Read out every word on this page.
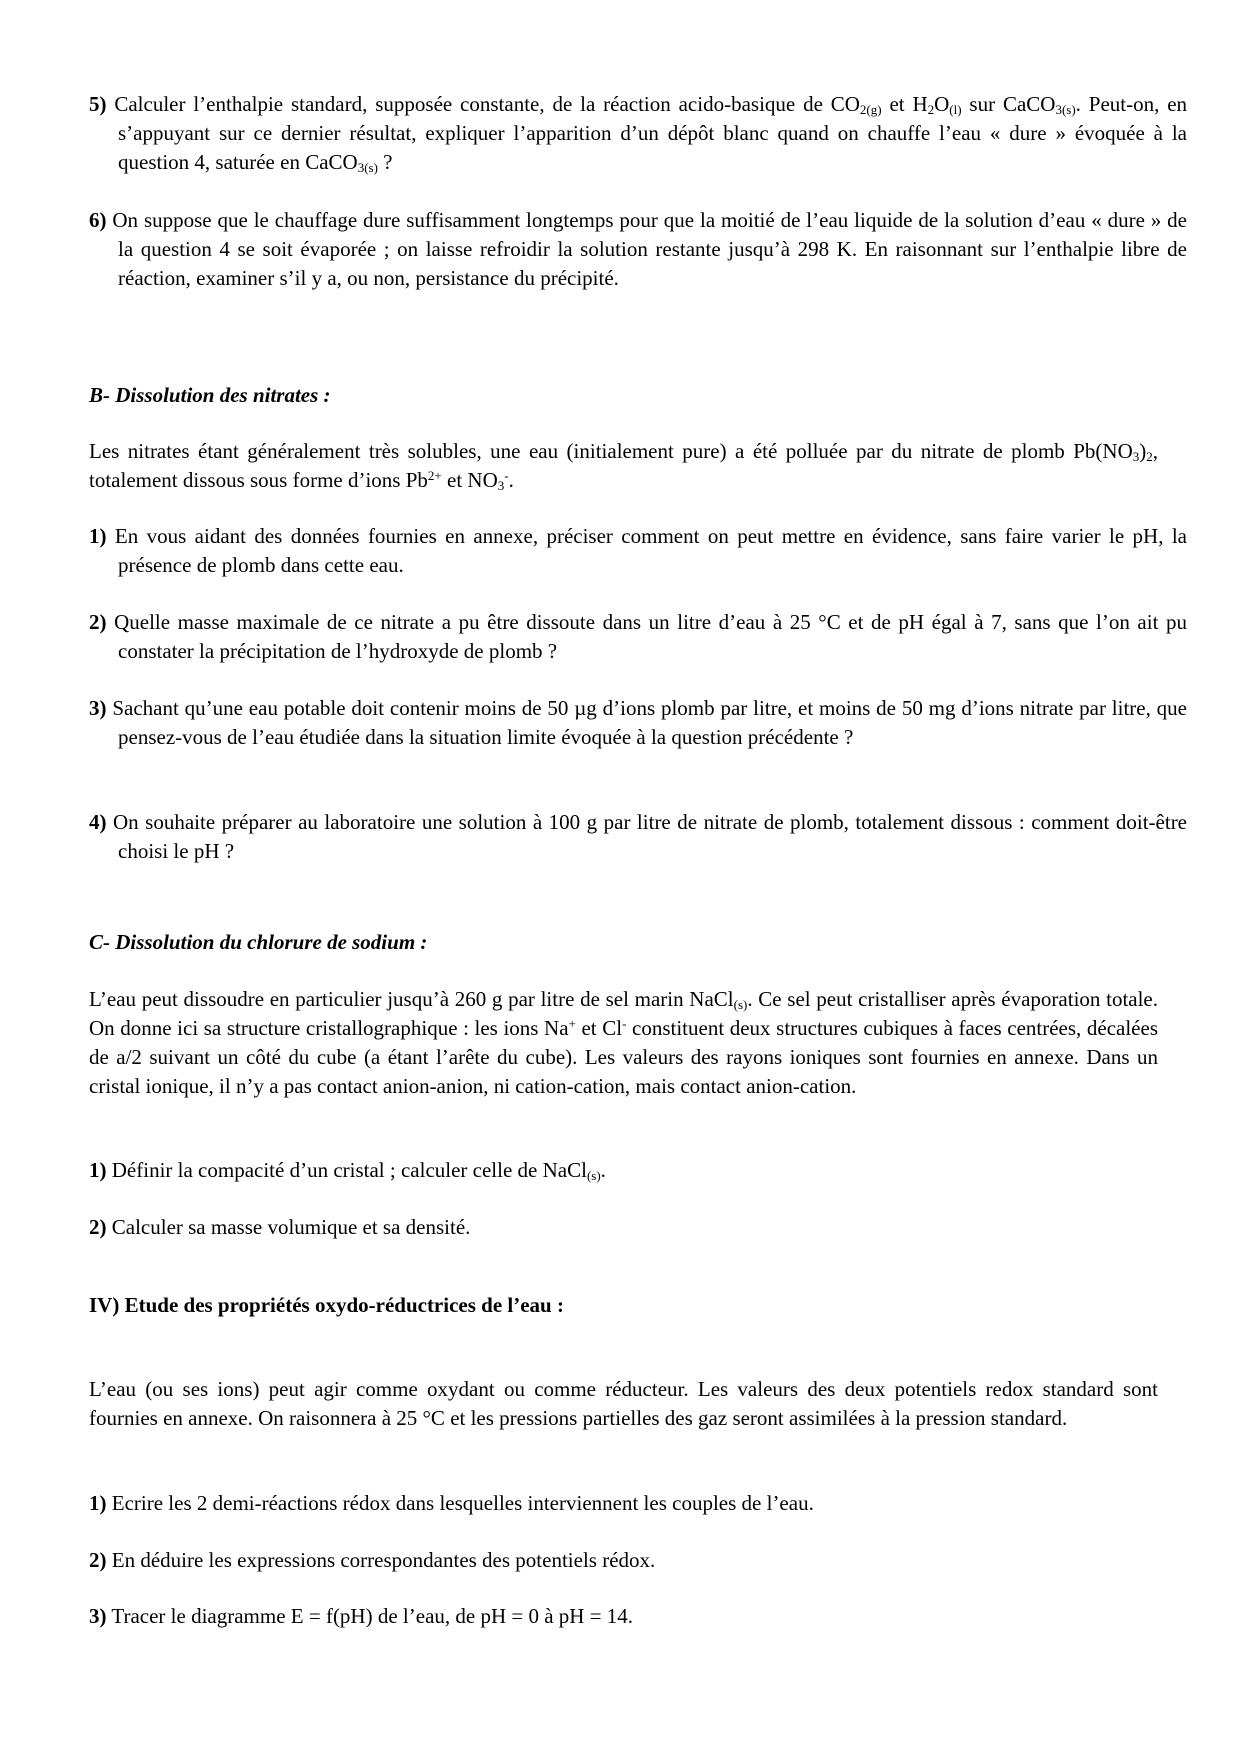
5) Calculer l’enthalpie standard, supposée constante, de la réaction acido-basique de $CO_{2(g)}$ et $H_2O_{(l)}$ sur CaCO$_{3(s)}$. Peut-on, en s’appuyant sur ce dernier résultat, expliquer l’apparition d’un dépôt blanc quand on chauffe l’eau « dure » évoquée à la question 4, saturée en CaCO$_{3(s)}$ ?
6) On suppose que le chauffage dure suffisamment longtemps pour que la moitié de l’eau liquide de la solution d’eau « dure » de la question 4 se soit évaporée ; on laisse refroidir la solution restante jusqu’à 298 K. En raisonnant sur l’enthalpie libre de réaction, examiner s’il y a, ou non, persistance du précipité.
B- Dissolution des nitrates :
Les nitrates étant généralement très solubles, une eau (initialement pure) a été polluée par du nitrate de plomb $Pb(NO_3)_2$, totalement dissous sous forme d’ions $Pb^{2+}$ et $NO_3^-$.
1) En vous aidant des données fournies en annexe, préciser comment on peut mettre en évidence, sans faire varier le pH, la présence de plomb dans cette eau.
2) Quelle masse maximale de ce nitrate a pu être dissoute dans un litre d’eau à 25 °C et de pH égal à 7, sans que l’on ait pu constater la précipitation de l’hydroxyde de plomb ?
3) Sachant qu’une eau potable doit contenir moins de 50 µg d’ions plomb par litre, et moins de 50 mg d’ions nitrate par litre, que pensez-vous de l’eau étudiée dans la situation limite évoquée à la question précédente ?
4) On souhaite préparer au laboratoire une solution à 100 g par litre de nitrate de plomb, totalement dissous : comment doit-être choisi le pH ?
C- Dissolution du chlorure de sodium :
L’eau peut dissoudre en particulier jusqu’à 260 g par litre de sel marin NaCl$_{(s)}$. Ce sel peut cristalliser après évaporation totale. On donne ici sa structure cristallographique : les ions Na+ et Cl- constituent deux structures cubiques à faces centrées, décalées de a/2 suivant un côté du cube (a étant l’arête du cube). Les valeurs des rayons ioniques sont fournies en annexe. Dans un cristal ionique, il n’y a pas contact anion-anion, ni cation-cation, mais contact anion-cation.
1) Définir la compacité d’un cristal ; calculer celle de NaCl$_{(s)}$.
2) Calculer sa masse volumique et sa densité.
IV) Etude des propriétés oxydo-réductrices de l’eau :
L’eau (ou ses ions) peut agir comme oxydant ou comme réducteur. Les valeurs des deux potentiels redox standard sont fournies en annexe. On raisonnera à 25 °C et les pressions partielles des gaz seront assimilées à la pression standard.
1) Ecrire les 2 demi-réactions rédox dans lesquelles interviennent les couples de l’eau.
2) En déduire les expressions correspondantes des potentiels rédox.
3) Tracer le diagramme E = f(pH) de l’eau, de pH = 0 à pH = 14.
